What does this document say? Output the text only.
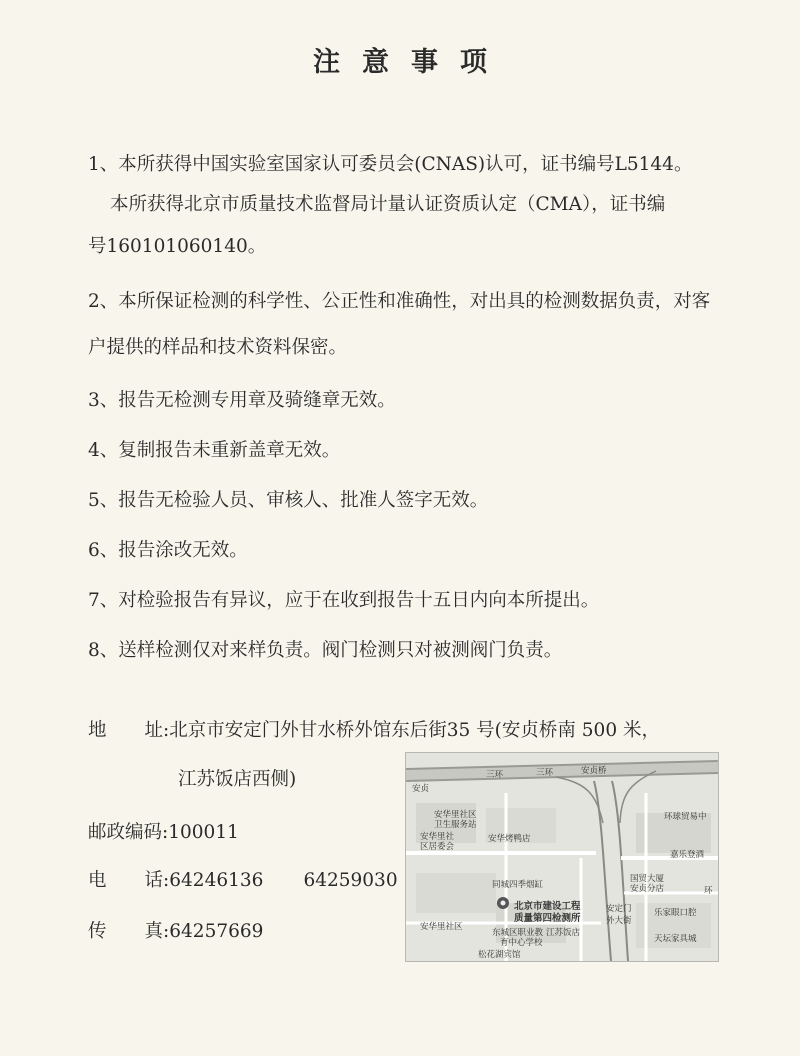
注意事项
1、本所获得中国实验室国家认可委员会(CNAS)认可，证书编号L5144。
本所获得北京市质量技术监督局计量认证资质认定（CMA），证书编
号160101060140。
2、本所保证检测的科学性、公正性和准确性，对出具的检测数据负责，对客
户提供的样品和技术资料保密。
3、报告无检测专用章及骑缝章无效。
4、复制报告未重新盖章无效。
5、报告无检验人员、审核人、批准人签字无效。
6、报告涂改无效。
7、对检验报告有异议，应于在收到报告十五日内向本所提出。
8、送样检测仅对来样负责。阀门检测只对被测阀门负责。
地 址:北京市安定门外甘水桥外馆东后街35 号(安贞桥南 500 米，
江苏饭店西侧)
邮政编码:100011
电 话:64246136 64259030
传 真:64257669
三环	三环	安贞桥
安贞
安华里社区
卫生服务站
安华里社
区居委会
安华烤鸭店
环球贸易中
嘉乐登酒
同城四季烟缸
国贸大厦
安贞分店	环
北京市建设工程
质量第四检测所
安定门
外大街
安华里社区
东城区职业教
育中心学校
江苏饭店
乐家眼口腔
天坛家具城
松花湖宾馆
